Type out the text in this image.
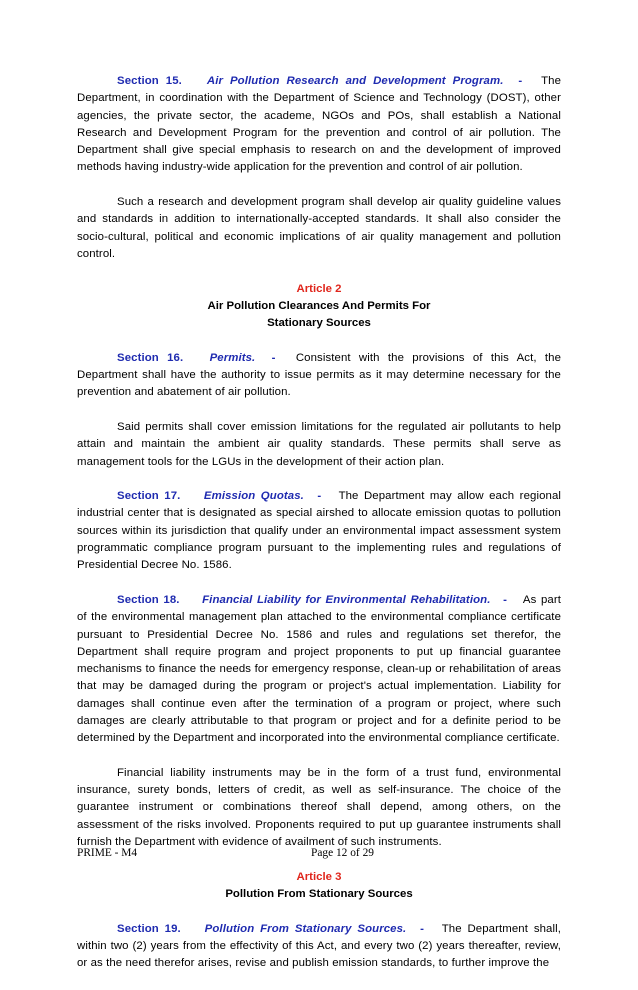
Section 15. Air Pollution Research and Development Program. - The Department, in coordination with the Department of Science and Technology (DOST), other agencies, the private sector, the academe, NGOs and POs, shall establish a National Research and Development Program for the prevention and control of air pollution. The Department shall give special emphasis to research on and the development of improved methods having industry-wide application for the prevention and control of air pollution.

Such a research and development program shall develop air quality guideline values and standards in addition to internationally-accepted standards. It shall also consider the socio-cultural, political and economic implications of air quality management and pollution control.

Article 2
Air Pollution Clearances And Permits For
Stationary Sources

Section 16. Permits. - Consistent with the provisions of this Act, the Department shall have the authority to issue permits as it may determine necessary for the prevention and abatement of air pollution.

Said permits shall cover emission limitations for the regulated air pollutants to help attain and maintain the ambient air quality standards. These permits shall serve as management tools for the LGUs in the development of their action plan.

Section 17. Emission Quotas. - The Department may allow each regional industrial center that is designated as special airshed to allocate emission quotas to pollution sources within its jurisdiction that qualify under an environmental impact assessment system programmatic compliance program pursuant to the implementing rules and regulations of Presidential Decree No. 1586.

Section 18. Financial Liability for Environmental Rehabilitation. - As part of the environmental management plan attached to the environmental compliance certificate pursuant to Presidential Decree No. 1586 and rules and regulations set therefor, the Department shall require program and project proponents to put up financial guarantee mechanisms to finance the needs for emergency response, clean-up or rehabilitation of areas that may be damaged during the program or project's actual implementation. Liability for damages shall continue even after the termination of a program or project, where such damages are clearly attributable to that program or project and for a definite period to be determined by the Department and incorporated into the environmental compliance certificate.

Financial liability instruments may be in the form of a trust fund, environmental insurance, surety bonds, letters of credit, as well as self-insurance. The choice of the guarantee instrument or combinations thereof shall depend, among others, on the assessment of the risks involved. Proponents required to put up guarantee instruments shall furnish the Department with evidence of availment of such instruments.

Article 3
Pollution From Stationary Sources

Section 19. Pollution From Stationary Sources. - The Department shall, within two (2) years from the effectivity of this Act, and every two (2) years thereafter, review, or as the need therefor arises, revise and publish emission standards, to further improve the

PRIME - M4	Page 12 of 29
